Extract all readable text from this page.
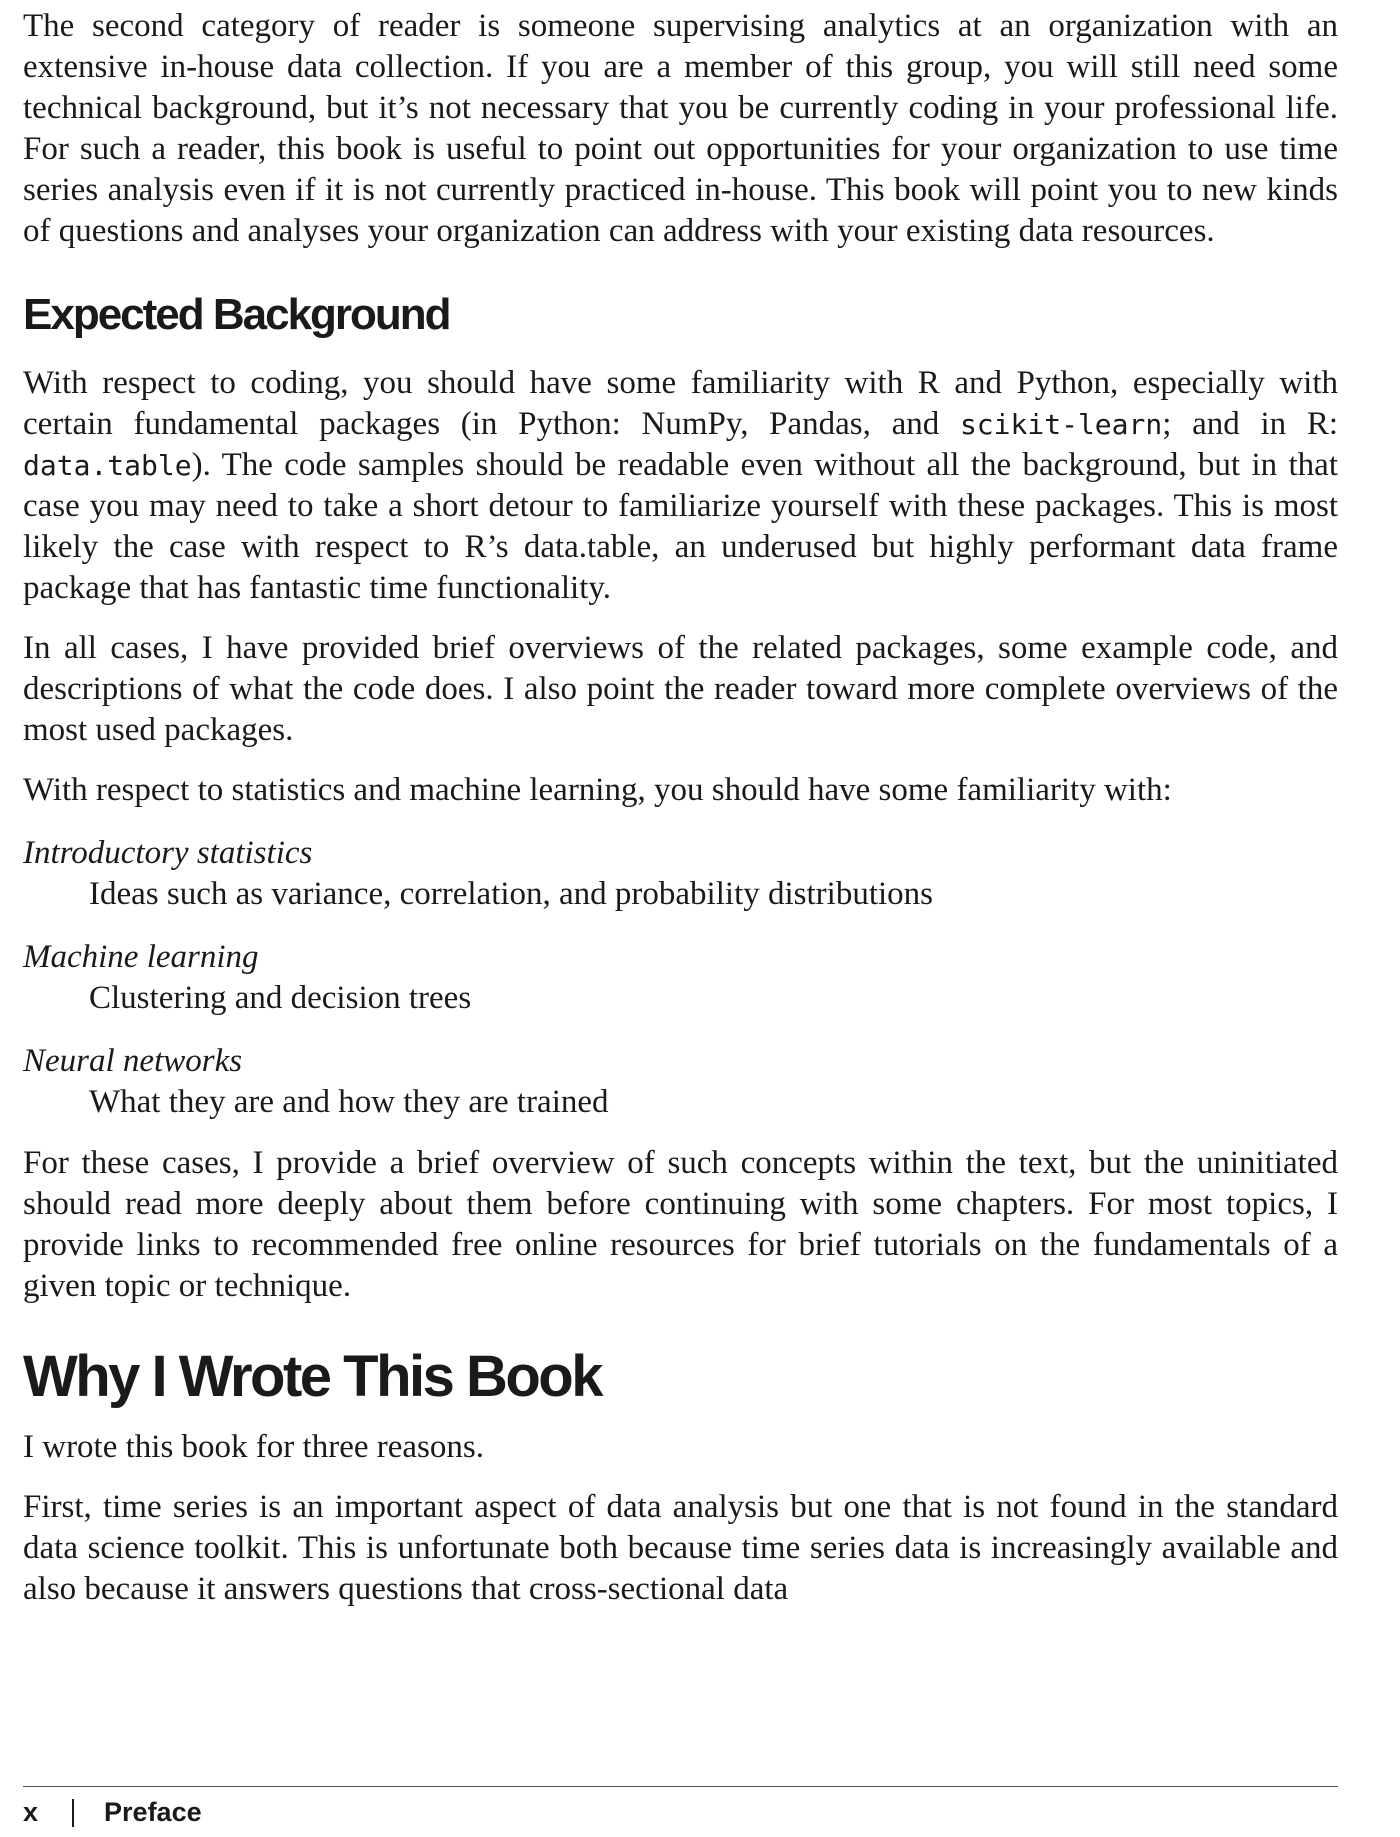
The second category of reader is someone supervising analytics at an organization with an extensive in-house data collection. If you are a member of this group, you will still need some technical background, but it’s not necessary that you be currently coding in your professional life. For such a reader, this book is useful to point out opportunities for your organization to use time series analysis even if it is not currently practiced in-house. This book will point you to new kinds of questions and analyses your organization can address with your existing data resources.

Expected Background

With respect to coding, you should have some familiarity with R and Python, especially with certain fundamental packages (in Python: NumPy, Pandas, and scikit-learn; and in R: data.table). The code samples should be readable even without all the background, but in that case you may need to take a short detour to familiarize yourself with these packages. This is most likely the case with respect to R’s data.table, an underused but highly performant data frame package that has fantastic time functionality.

In all cases, I have provided brief overviews of the related packages, some example code, and descriptions of what the code does. I also point the reader toward more complete overviews of the most used packages.

With respect to statistics and machine learning, you should have some familiarity with:

Introductory statistics
Ideas such as variance, correlation, and probability distributions
Machine learning
Clustering and decision trees
Neural networks
What they are and how they are trained

For these cases, I provide a brief overview of such concepts within the text, but the uninitiated should read more deeply about them before continuing with some chapters. For most topics, I provide links to recommended free online resources for brief tutorials on the fundamentals of a given topic or technique.

Why I Wrote This Book

I wrote this book for three reasons.

First, time series is an important aspect of data analysis but one that is not found in the standard data science toolkit. This is unfortunate both because time series data is increasingly available and also because it answers questions that cross-sectional data

x Preface
